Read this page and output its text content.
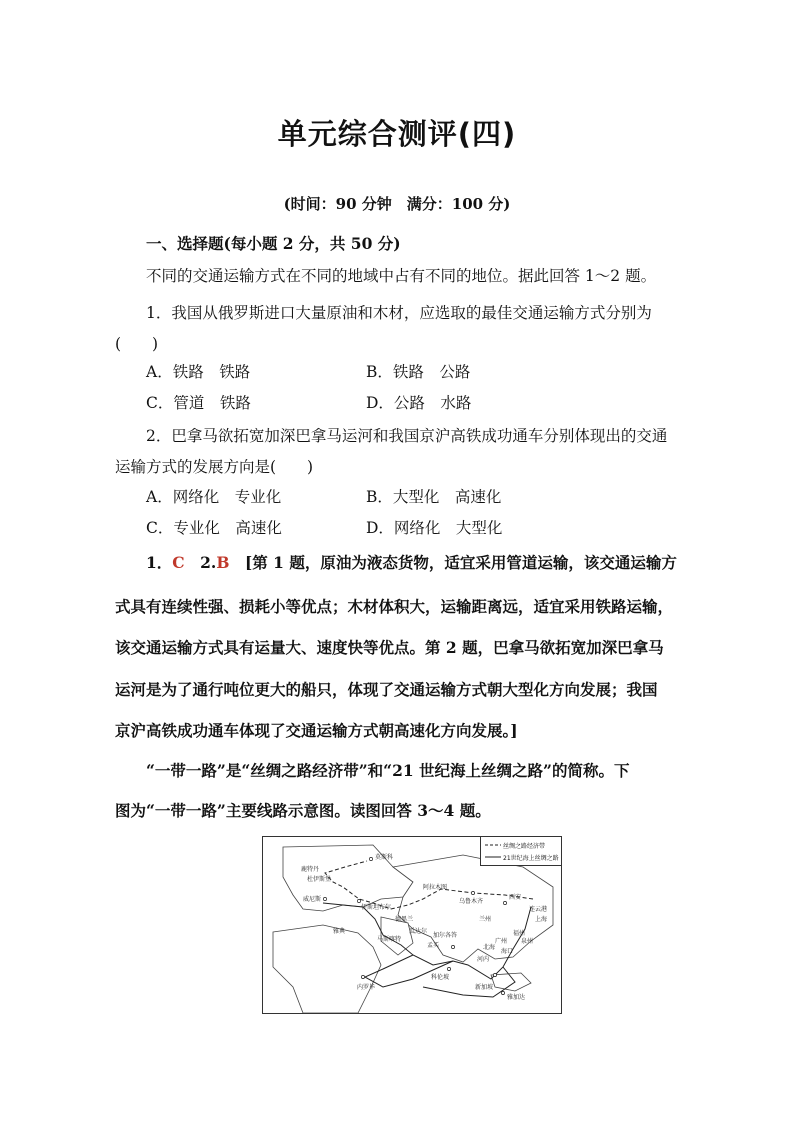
单元综合测评(四)
(时间：90 分钟　满分：100 分)
一、选择题(每小题 2 分，共 50 分)
不同的交通运输方式在不同的地域中占有不同的地位。据此回答 1～2 题。
1．我国从俄罗斯进口大量原油和木材，应选取的最佳交通运输方式分别为
(　　)
A．铁路　铁路	B．铁路　公路
C．管道　铁路	D．公路　水路
2．巴拿马欲拓宽加深巴拿马运河和我国京沪高铁成功通车分别体现出的交通
运输方式的发展方向是(　　)
A．网络化　专业化	B．大型化　高速化
C．专业化　高速化	D．网络化　大型化
1．C　2.B　[第 1 题，原油为液态货物，适宜采用管道运输，该交通运输方
式具有连续性强、损耗小等优点；木材体积大，运输距离远，适宜采用铁路运输，
该交通运输方式具有运量大、速度快等优点。第 2 题，巴拿马欲拓宽加深巴拿马
运河是为了通行吨位更大的船只，体现了交通运输方式朝大型化方向发展；我国
京沪高铁成功通车体现了交通运输方式朝高速化方向发展。]
“一带一路”是“丝绸之路经济带”和“21 世纪海上丝绸之路”的简称。下
图为“一带一路”主要线路示意图。读图回答 3～4 题。
莫斯科
鹿特丹
杜伊斯堡
威尼斯
雅典
伊斯坦布尔
德黑兰
阿拉木图
乌鲁木齐
兰州
西安
连云港
上海
福州
泉州
广州
海口
北海
河内
加尔各答
瓜达尔
孟买
科伦坡
马斯喀特
内罗毕	新加坡
雅加达
丝绸之路经济带
21世纪海上丝绸之路
